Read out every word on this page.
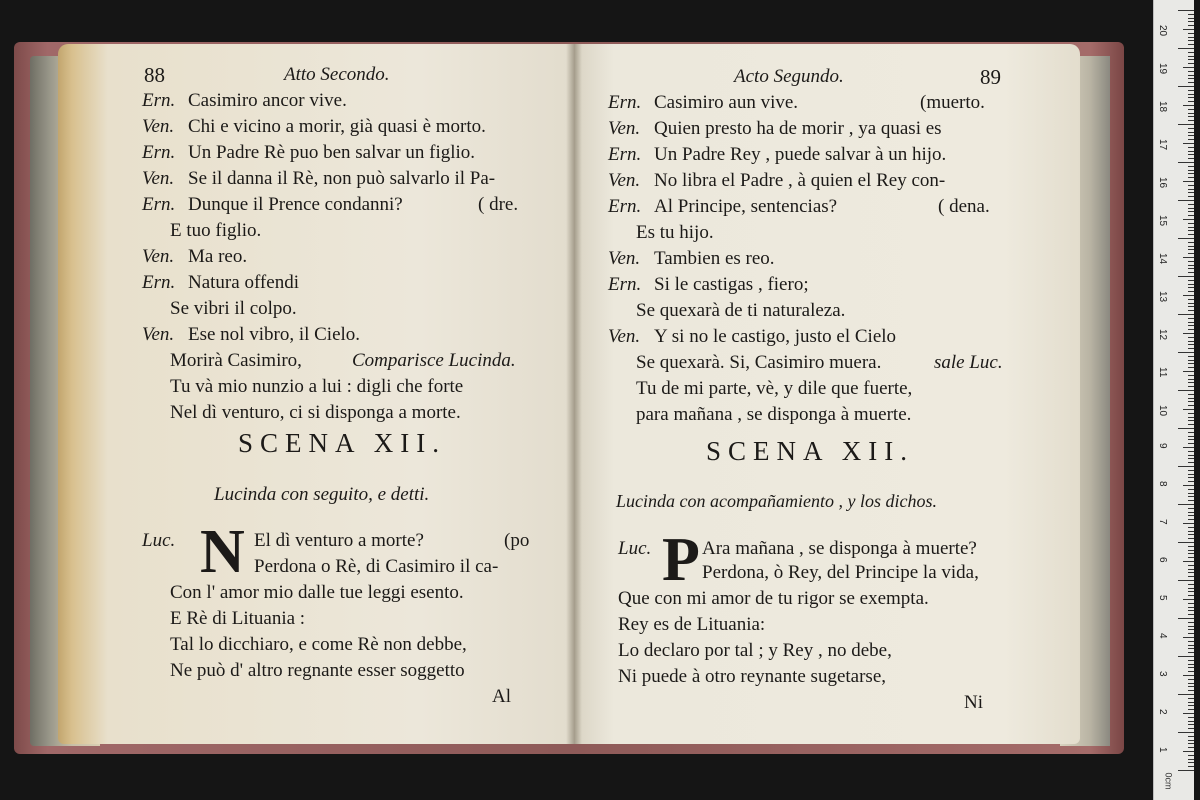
88	Atto Secondo.
Ern. Casimiro ancor vive.
Ven. Chi e vicino a morir, già quasi è morto.
Ern. Un Padre Rè puo ben salvar un figlio.
Ven. Se il danna il Rè, non può salvarlo il Pa-
Ern. Dunque il Prence condanni?	( dre.
E tuo figlio.
Ven. Ma reo.
Ern. Natura offendi
Se vibri il colpo.
Ven. Ese nol vibro, il Cielo.
Morirà Casimiro,	Comparisce Lucinda.
Tu và mio nunzio a lui : digli che forte
Nel dì venturo, ci si disponga a morte.
SCENA XII.
Lucinda con seguito, e detti.
Luc. N El dì venturo a morte?	(po
Perdona o Rè, di Casimiro il ca-
Con l' amor mio dalle tue leggi esento.
E Rè di Lituania :
Tal lo dicchiaro, e come Rè non debbe,
Ne può d' altro regnante esser soggetto
Al
Acto Segundo.	89
Ern. Casimiro aun vive.	(muerto.
Ven. Quien presto ha de morir , ya quasi es
Ern. Un Padre Rey , puede salvar à un hijo.
Ven. No libra el Padre , à quien el Rey con-
Ern. Al Principe, sentencias?	( dena.
Es tu hijo.
Ven. Tambien es reo.
Ern. Si le castigas , fiero;
Se quexarà de ti naturaleza.
Ven. Y si no le castigo, justo el Cielo
Se quexarà. Si, Casimiro muera.	sale Luc.
Tu de mi parte, vè, y dile que fuerte,
para mañana , se disponga à muerte.
SCENA XII.
Lucinda con acompañamiento , y los dichos.
Luc. P Ara mañana , se disponga à muerte?
Perdona, ò Rey, del Principe la vida,
Que con mi amor de tu rigor se exempta.
Rey es de Lituania:
Lo declaro por tal ; y Rey , no debe,
Ni puede à otro reynante sugetarse,
Ni
20
19
18
17
16
15
14
13
12
11
10
9
8
7
6
5
4
3
2
1
0cm
